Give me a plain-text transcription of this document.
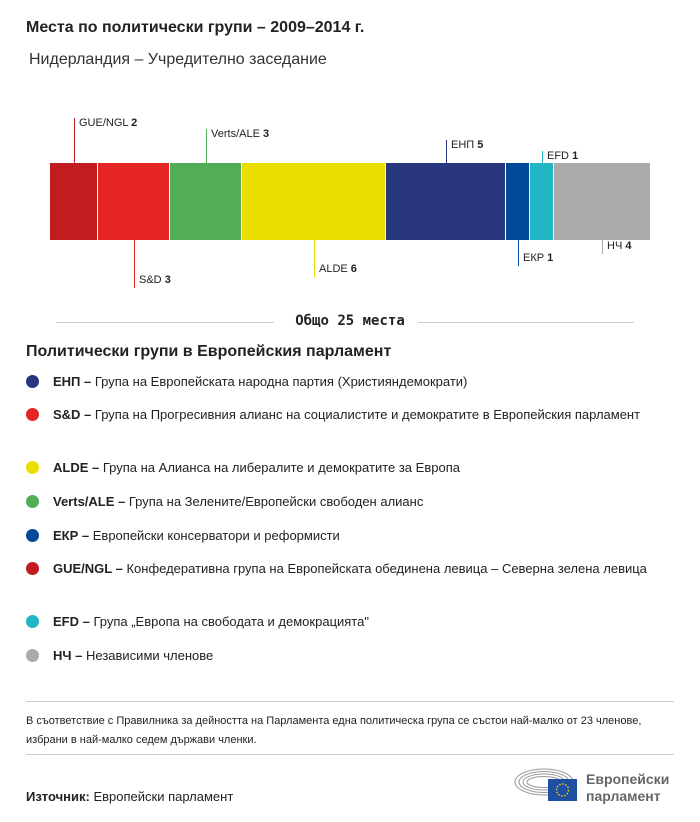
Места по политически групи – 2009–2014 г.
Нидерландия – Учредително заседание
GUE/NGL 2
S&D 3
Verts/ALE 3
ALDE 6
ЕНП 5
ЕКР 1
EFD 1
НЧ 4
Общо 25 места
Политически групи в Европейския парламент
ЕНП – Група на Европейската народна партия (Християндемократи)
S&D – Група на Прогресивния алианс на социалистите и демократите в Европейския парламент
ALDE – Група на Алианса на либералите и демократите за Европа
Verts/ALE – Група на Зелените/Европейски свободен алианс
ЕКР – Европейски консерватори и реформисти
GUE/NGL – Конфедеративна група на Европейската обединена левица – Северна зелена левица
EFD – Група „Европа на свободата и демокрацията"
НЧ – Независими членове
В съответствие с Правилника за дейността на Парламента една политическа група се състои най-малко от 23 членове, избрани в най-малко седем държави членки.
Източник: Европейски парламент
Европейски
парламент
